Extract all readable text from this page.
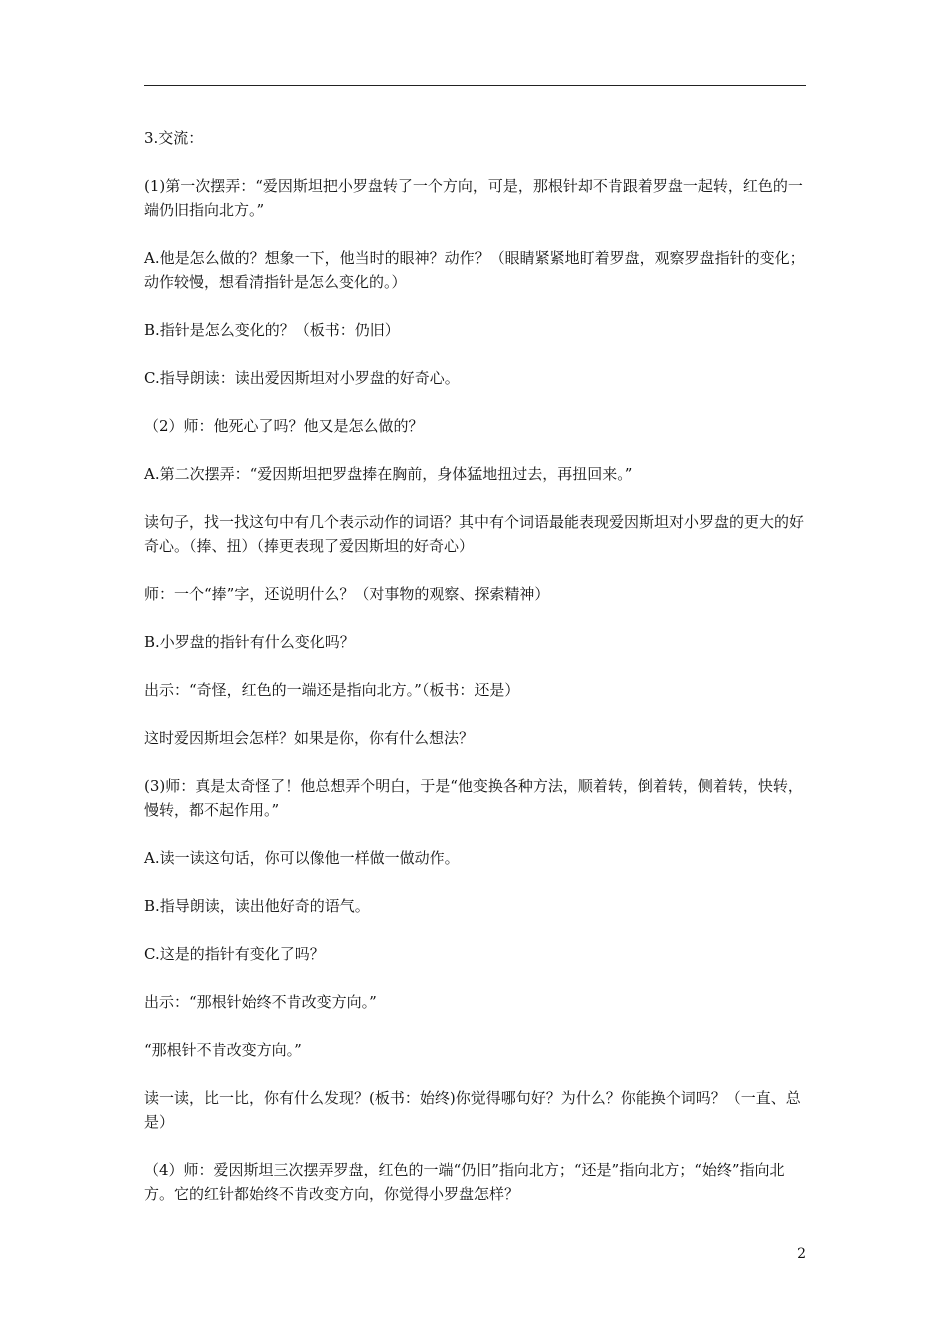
3.交流：

(1)第一次摆弄：“爱因斯坦把小罗盘转了一个方向，可是，那根针却不肯跟着罗盘一起转，红色的一端仍旧指向北方。”

A.他是怎么做的？想象一下，他当时的眼神？动作？（眼睛紧紧地盯着罗盘，观察罗盘指针的变化；动作较慢，想看清指针是怎么变化的。）

B.指针是怎么变化的？（板书：仍旧）

C.指导朗读：读出爱因斯坦对小罗盘的好奇心。

（2）师：他死心了吗？他又是怎么做的？

A.第二次摆弄：“爱因斯坦把罗盘捧在胸前，身体猛地扭过去，再扭回来。”

读句子，找一找这句中有几个表示动作的词语？其中有个词语最能表现爱因斯坦对小罗盘的更大的好奇心。（捧、扭）（捧更表现了爱因斯坦的好奇心）

师：一个“捧”字，还说明什么？（对事物的观察、探索精神）

B.小罗盘的指针有什么变化吗？

出示：“奇怪，红色的一端还是指向北方。”（板书：还是）

这时爱因斯坦会怎样？如果是你，你有什么想法？

(3)师：真是太奇怪了！他总想弄个明白，于是“他变换各种方法，顺着转，倒着转，侧着转，快转，慢转，都不起作用。”

A.读一读这句话，你可以像他一样做一做动作。

B.指导朗读，读出他好奇的语气。

C.这是的指针有变化了吗？

出示：“那根针始终不肯改变方向。”

“那根针不肯改变方向。”

读一读，比一比，你有什么发现？(板书：始终)你觉得哪句好？为什么？你能换个词吗？（一直、总是）

（4）师：爱因斯坦三次摆弄罗盘，红色的一端“仍旧”指向北方；“还是”指向北方；“始终”指向北方。它的红针都始终不肯改变方向，你觉得小罗盘怎样？

2
